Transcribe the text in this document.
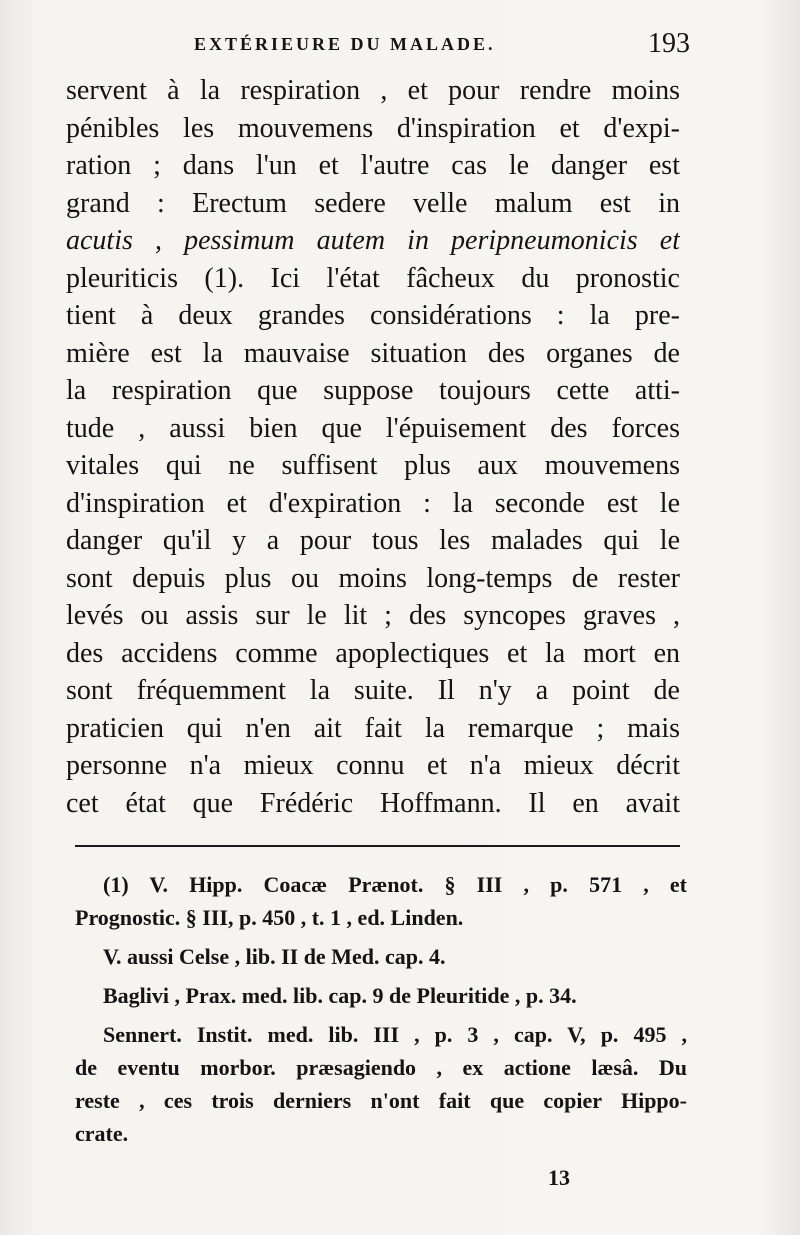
EXTÉRIEURE DU MALADE.	193
servent à la respiration , et pour rendre moins
pénibles les mouvemens d'inspiration et d'expi-
ration ; dans l'un et l'autre cas le danger est
grand : Erectum sedere velle malum est in
acutis , pessimum autem in peripneumonicis et
pleuriticis (1). Ici l'état fâcheux du pronostic
tient à deux grandes considérations : la pre-
mière est la mauvaise situation des organes de
la respiration que suppose toujours cette atti-
tude , aussi bien que l'épuisement des forces
vitales qui ne suffisent plus aux mouvemens
d'inspiration et d'expiration : la seconde est le
danger qu'il y a pour tous les malades qui le
sont depuis plus ou moins long-temps de rester
levés ou assis sur le lit ; des syncopes graves ,
des accidens comme apoplectiques et la mort en
sont fréquemment la suite. Il n'y a point de
praticien qui n'en ait fait la remarque ; mais
personne n'a mieux connu et n'a mieux décrit
cet état que Frédéric Hoffmann. Il en avait
(1) V. Hipp. Coacæ Prænot. § III , p. 571 , et
Prognostic. § III, p. 450 , t. 1 , ed. Linden.
V. aussi Celse , lib. II de Med. cap. 4.
Baglivi , Prax. med. lib. cap. 9 de Pleuritide , p. 34.
Sennert. Instit. med. lib. III , p. 3 , cap. V, p. 495 ,
de eventu morbor. præsagiendo , ex actione læsâ. Du
reste , ces trois derniers n'ont fait que copier Hippo-
crate.
13
